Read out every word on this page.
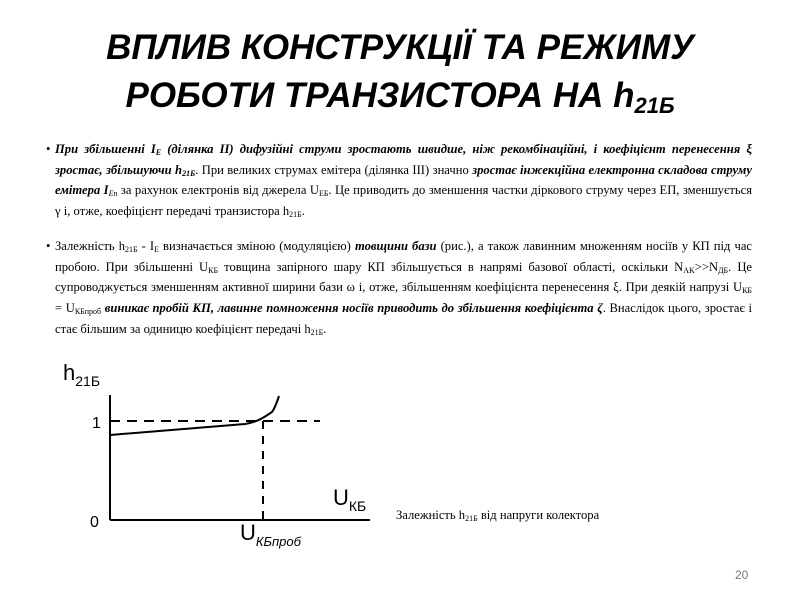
ВПЛИВ КОНСТРУКЦІЇ ТА РЕЖИМУ
РОБОТИ ТРАНЗИСТОРА НА $h_{21Б}$
• При збільшенні $I_E$ (ділянка II) дифузійні струми зростають швидше, ніж рекомбінаційні, і коефіцієнт перенесення ξ зростає, збільшуючи $h_{21Б}$. При великих струмах емітера (ділянка III) значно зростає інжекційна електронна складова струму емітера $I_{En}$ за рахунок електронів від джерела $U_{ЕБ}$. Це приводить до зменшення частки діркового струму через ЕП, зменшується γ і, отже, коефіцієнт передачі транзистора $h_{21Б}$.
• Залежність $h_{21Б} - I_E$ визначається зміною (модуляцією) товщини бази (рис.), а також лавинним множенням носіїв у КП під час пробою. При збільшенні $U_{КБ}$ товщина запірного шару КП збільшується в напрямі базової області, оскільки $N_{AK}>>N_{ДБ}$. Це супроводжується зменшенням активної ширини бази ω і, отже, збільшенням коефіцієнта перенесення ξ. При деякій напрузі $U_{КБ} = U_{КБпроб}$ виникає пробій КП, лавинне помноження носіїв приводить до збільшення коефіцієнта ζ. Внаслідок цього, зростає і стає більшим за одиницю коефіцієнт передачі $h_{21Б}$.
$h_{21Б}$
1
0
$U_{КБ}$
$U_{КБпроб}$
Залежність $h_{21Б}$ від напруги колектора
20
